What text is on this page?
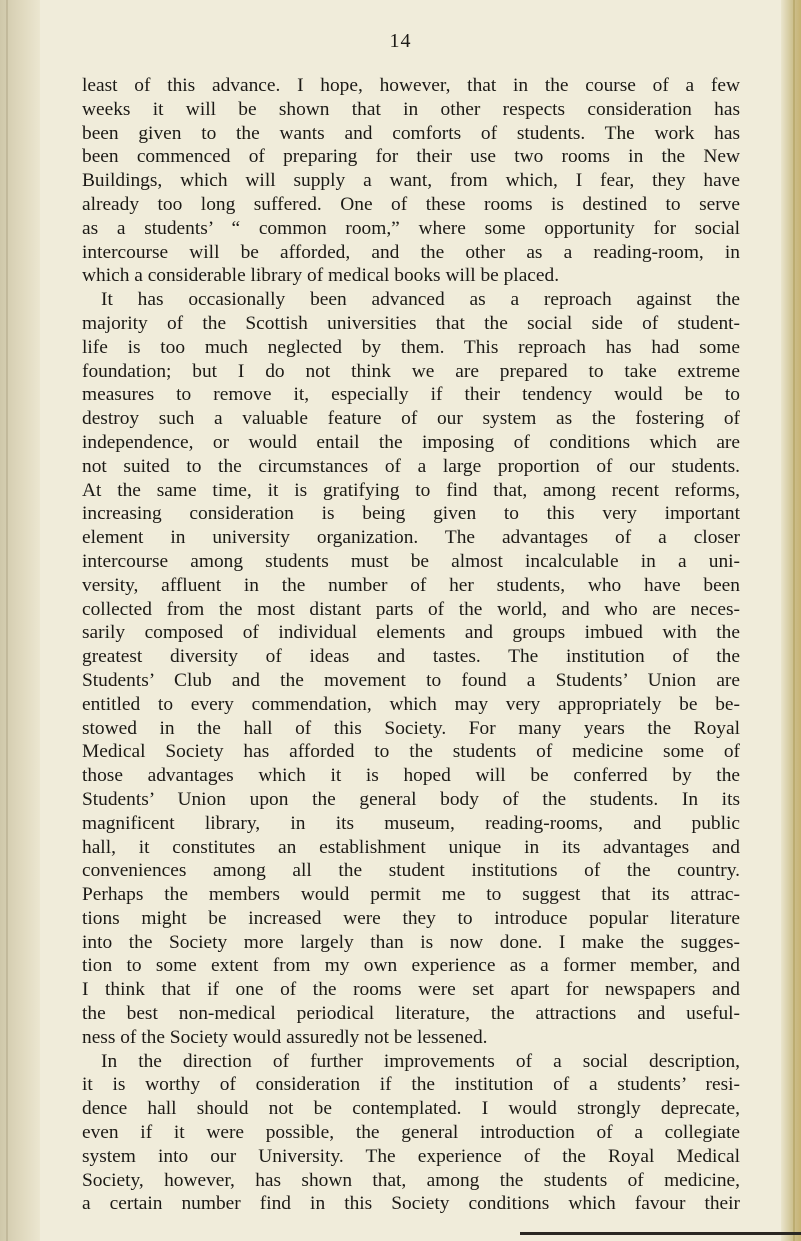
14
least of this advance. I hope, however, that in the course of a few
weeks it will be shown that in other respects consideration has
been given to the wants and comforts of students. The work has
been commenced of preparing for their use two rooms in the New
Buildings, which will supply a want, from which, I fear, they have
already too long suffered. One of these rooms is destined to serve
as a students’ “ common room,” where some opportunity for social
intercourse will be afforded, and the other as a reading-room, in
which a considerable library of medical books will be placed.
It has occasionally been advanced as a reproach against the
majority of the Scottish universities that the social side of student-
life is too much neglected by them. This reproach has had some
foundation; but I do not think we are prepared to take extreme
measures to remove it, especially if their tendency would be to
destroy such a valuable feature of our system as the fostering of
independence, or would entail the imposing of conditions which are
not suited to the circumstances of a large proportion of our students.
At the same time, it is gratifying to find that, among recent reforms,
increasing consideration is being given to this very important
element in university organization. The advantages of a closer
intercourse among students must be almost incalculable in a uni-
versity, affluent in the number of her students, who have been
collected from the most distant parts of the world, and who are neces-
sarily composed of individual elements and groups imbued with the
greatest diversity of ideas and tastes. The institution of the
Students’ Club and the movement to found a Students’ Union are
entitled to every commendation, which may very appropriately be be-
stowed in the hall of this Society. For many years the Royal
Medical Society has afforded to the students of medicine some of
those advantages which it is hoped will be conferred by the
Students’ Union upon the general body of the students. In its
magnificent library, in its museum, reading-rooms, and public
hall, it constitutes an establishment unique in its advantages and
conveniences among all the student institutions of the country.
Perhaps the members would permit me to suggest that its attrac-
tions might be increased were they to introduce popular literature
into the Society more largely than is now done. I make the sugges-
tion to some extent from my own experience as a former member, and
I think that if one of the rooms were set apart for newspapers and
the best non-medical periodical literature, the attractions and useful-
ness of the Society would assuredly not be lessened.
In the direction of further improvements of a social description,
it is worthy of consideration if the institution of a students’ resi-
dence hall should not be contemplated. I would strongly deprecate,
even if it were possible, the general introduction of a collegiate
system into our University. The experience of the Royal Medical
Society, however, has shown that, among the students of medicine,
a certain number find in this Society conditions which favour their
